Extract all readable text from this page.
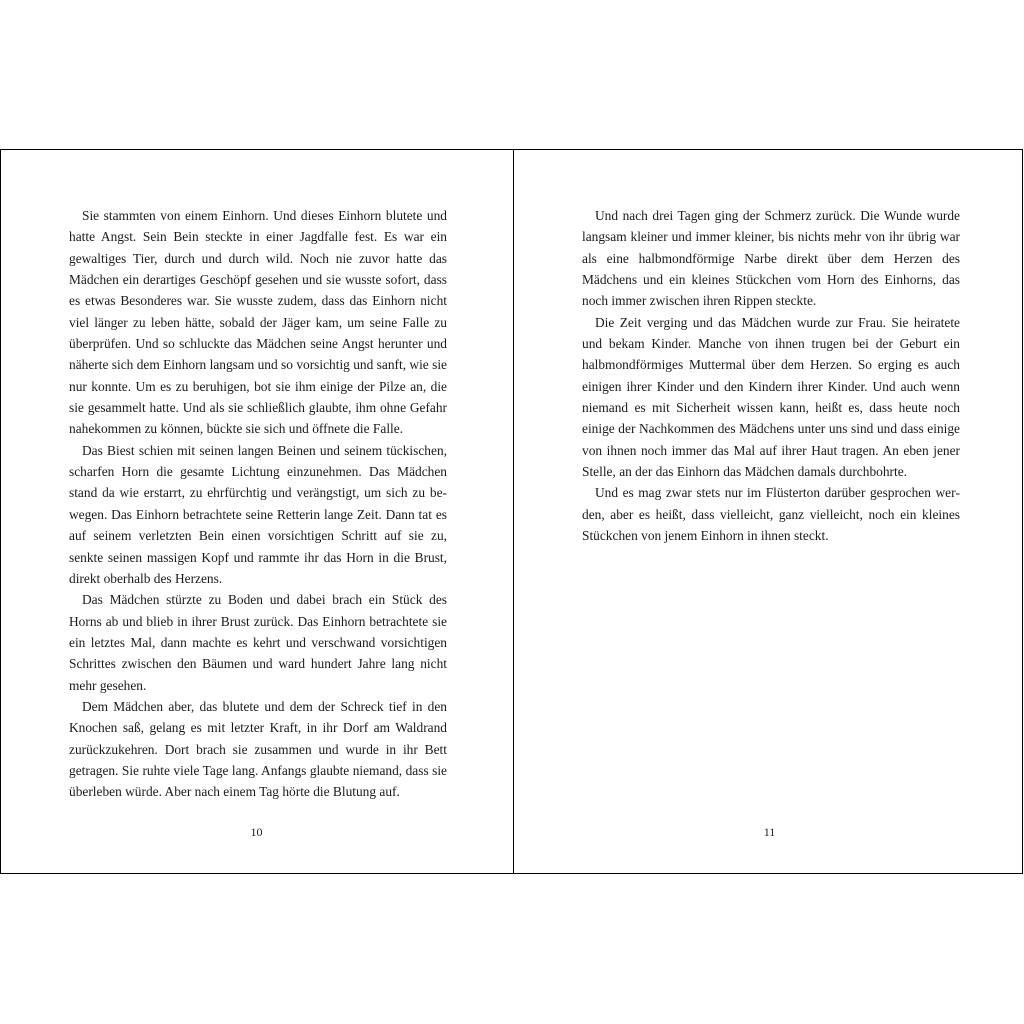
Sie stammten von einem Einhorn. Und dieses Einhorn blutete und hatte Angst. Sein Bein steckte in einer Jagdfalle fest. Es war ein gewaltiges Tier, durch und durch wild. Noch nie zuvor hatte das Mädchen ein derartiges Geschöpf gesehen und sie wusste sofort, dass es etwas Besonderes war. Sie wusste zudem, dass das Einhorn nicht viel länger zu leben hätte, sobald der Jäger kam, um seine Falle zu überprüfen. Und so schluckte das Mädchen seine Angst herunter und näherte sich dem Einhorn langsam und so vorsichtig und sanft, wie sie nur konnte. Um es zu beruhigen, bot sie ihm einige der Pilze an, die sie gesammelt hatte. Und als sie schließlich glaubte, ihm ohne Gefahr nahekommen zu können, bückte sie sich und öffnete die Falle.

Das Biest schien mit seinen langen Beinen und seinem tückischen, scharfen Horn die gesamte Lichtung einzunehmen. Das Mädchen stand da wie erstarrt, zu ehrfürchtig und verängstigt, um sich zu bewegen. Das Einhorn betrachtete seine Retterin lange Zeit. Dann tat es auf seinem verletzten Bein einen vorsichtigen Schritt auf sie zu, senkte seinen massigen Kopf und rammte ihr das Horn in die Brust, direkt oberhalb des Herzens.

Das Mädchen stürzte zu Boden und dabei brach ein Stück des Horns ab und blieb in ihrer Brust zurück. Das Einhorn betrachtete sie ein letztes Mal, dann machte es kehrt und verschwand vorsichtigen Schrittes zwischen den Bäumen und ward hundert Jahre lang nicht mehr gesehen.

Dem Mädchen aber, das blutete und dem der Schreck tief in den Knochen saß, gelang es mit letzter Kraft, in ihr Dorf am Waldrand zurückzukehren. Dort brach sie zusammen und wurde in ihr Bett getragen. Sie ruhte viele Tage lang. Anfangs glaubte niemand, dass sie überleben würde. Aber nach einem Tag hörte die Blutung auf.

10

Und nach drei Tagen ging der Schmerz zurück. Die Wunde wurde langsam kleiner und immer kleiner, bis nichts mehr von ihr übrig war als eine halbmondförmige Narbe direkt über dem Herzen des Mädchens und ein kleines Stückchen vom Horn des Einhorns, das noch immer zwischen ihren Rippen steckte.

Die Zeit verging und das Mädchen wurde zur Frau. Sie heiratete und bekam Kinder. Manche von ihnen trugen bei der Geburt ein halbmondförmiges Muttermal über dem Herzen. So erging es auch einigen ihrer Kinder und den Kindern ihrer Kinder. Und auch wenn niemand es mit Sicherheit wissen kann, heißt es, dass heute noch einige der Nachkommen des Mädchens unter uns sind und dass einige von ihnen noch immer das Mal auf ihrer Haut tragen. An eben jener Stelle, an der das Einhorn das Mädchen damals durchbohrte.

Und es mag zwar stets nur im Flüsterton darüber gesprochen werden, aber es heißt, dass vielleicht, ganz vielleicht, noch ein kleines Stückchen von jenem Einhorn in ihnen steckt.

11
